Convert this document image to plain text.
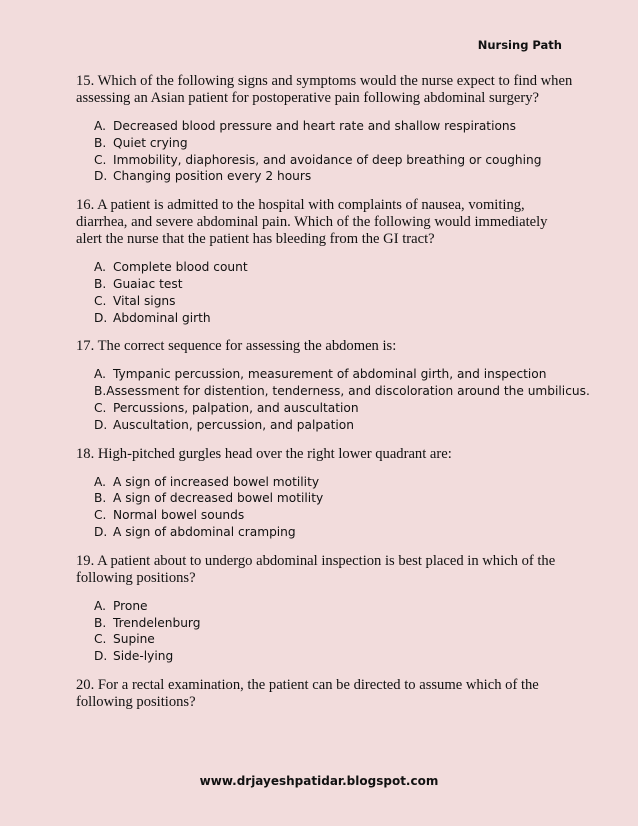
Nursing Path

15. Which of the following signs and symptoms would the nurse expect to find when assessing an Asian patient for postoperative pain following abdominal surgery?

A. Decreased blood pressure and heart rate and shallow respirations
B. Quiet crying
C. Immobility, diaphoresis, and avoidance of deep breathing or coughing
D. Changing position every 2 hours

16. A patient is admitted to the hospital with complaints of nausea, vomiting, diarrhea, and severe abdominal pain. Which of the following would immediately alert the nurse that the patient has bleeding from the GI tract?

A. Complete blood count
B. Guaiac test
C. Vital signs
D. Abdominal girth

17. The correct sequence for assessing the abdomen is:

A. Tympanic percussion, measurement of abdominal girth, and inspection
B. Assessment for distention, tenderness, and discoloration around the umbilicus.
C. Percussions, palpation, and auscultation
D. Auscultation, percussion, and palpation

18. High-pitched gurgles head over the right lower quadrant are:

A. A sign of increased bowel motility
B. A sign of decreased bowel motility
C. Normal bowel sounds
D. A sign of abdominal cramping

19. A patient about to undergo abdominal inspection is best placed in which of the following positions?

A. Prone
B. Trendelenburg
C. Supine
D. Side-lying

20. For a rectal examination, the patient can be directed to assume which of the following positions?

www.drjayeshpatidar.blogspot.com
